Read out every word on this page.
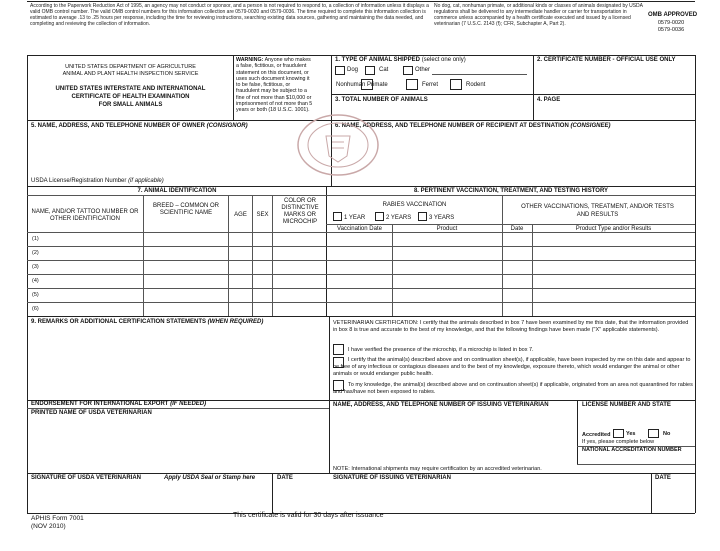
According to the Paperwork Reduction Act of 1995, an agency may not conduct or sponsor, and a person is not required to respond to, a collection of information unless it displays a valid OMB control number. The valid OMB control numbers for this information collection are 0579-0020 and 0579-0036. The time required to complete this information collection is estimated to average .13 to .25 hours per response, including the time for reviewing instructions, searching existing data sources, gathering and maintaining the data needed, and completing and reviewing the collection of information.
No dog, cat, nonhuman primate, or additional kinds or classes of animals designated by USDA regulations shall be delivered to any intermediate handler or carrier for transportation in commerce unless accompanied by a health certificate executed and issued by a licensed veterinarian (7 U.S.C. 2143 (f); CFR, Subchapter A, Part 2).
OMB APPROVED
0579-0020
0579-0036
UNITED STATES DEPARTMENT OF AGRICULTURE
ANIMAL AND PLANT HEALTH INSPECTION SERVICE
UNITED STATES INTERSTATE AND INTERNATIONAL
CERTIFICATE OF HEALTH EXAMINATION
FOR SMALL ANIMALS
WARNING: Anyone who makes
a false, fictitious, or fraudulent
statement on this document, or
uses such document knowing it
to be false, fictitious, or
fraudulent may be subject to a
fine of not more than $10,000 or
imprisonment of not more than 5
years or both (18 U.S.C. 1001).
1. TYPE OF ANIMAL SHIPPED (select one only)
Dog	Cat	Other
Nonhuman Primate	Ferret	Rodent
2. CERTIFICATE NUMBER - OFFICIAL USE ONLY
3. TOTAL NUMBER OF ANIMALS	4. PAGE
5. NAME, ADDRESS, AND TELEPHONE NUMBER OF OWNER (CONSIGNOR)
USDA License/Registration Number (if applicable)
6. NAME, ADDRESS, AND TELEPHONE NUMBER OF RECIPIENT AT DESTINATION (CONSIGNEE)
7. ANIMAL IDENTIFICATION	8. PERTINENT VACCINATION, TREATMENT, AND TESTING HISTORY
NAME, AND/OR TATTOO NUMBER OR OTHER IDENTIFICATION
BREED – COMMON OR SCIENTIFIC NAME	AGE	SEX
COLOR OR DISTINCTIVE MARKS OR MICROCHIP
RABIES VACCINATION
1 YEAR	2 YEARS	3 YEARS
OTHER VACCINATIONS, TREATMENT, AND/OR TESTS AND RESULTS
Vaccination Date	Product	Date	Product Type and/or Results
(1)
(2)
(3)
(4)
(5)
(6)
9. REMARKS OR ADDITIONAL CERTIFICATION STATEMENTS (WHEN REQUIRED)	VETERINARIAN CERTIFICATION: I certify that the animals described in box 7 have been examined by me this date, that the information provided in box 8 is true and accurate to the best of my knowledge, and that the following findings have been made ("X" applicable statements).
I have verified the presence of the microchip, if a microchip is listed in box 7.
I certify that the animal(s) described above and on continuation sheet(s), if applicable, have been inspected by me on this date and appear to be free of any infectious or contagious diseases and to the best of my knowledge, exposure thereto, which would endanger the animal or other animals or would endanger public health.
To my knowledge, the animal(s) described above and on continuation sheet(s) if applicable, originated from an area not quarantined for rabies and has/have not been exposed to rabies.
ENDORSEMENT FOR INTERNATIONAL EXPORT (IF NEEDED)
PRINTED NAME OF USDA VETERINARIAN
NAME, ADDRESS, AND TELEPHONE NUMBER OF ISSUING VETERINARIAN
NOTE: International shipments may require certification by an accredited veterinarian.
LICENSE NUMBER AND STATE
Accredited	Yes	No
If yes, please complete below
NATIONAL ACCREDITATION NUMBER
SIGNATURE OF USDA VETERINARIAN	Apply USDA Seal or Stamp here	DATE	SIGNATURE OF ISSUING VETERINARIAN	DATE
APHIS Form 7001
(NOV 2010)
This certificate is valid for 30 days after issuance
